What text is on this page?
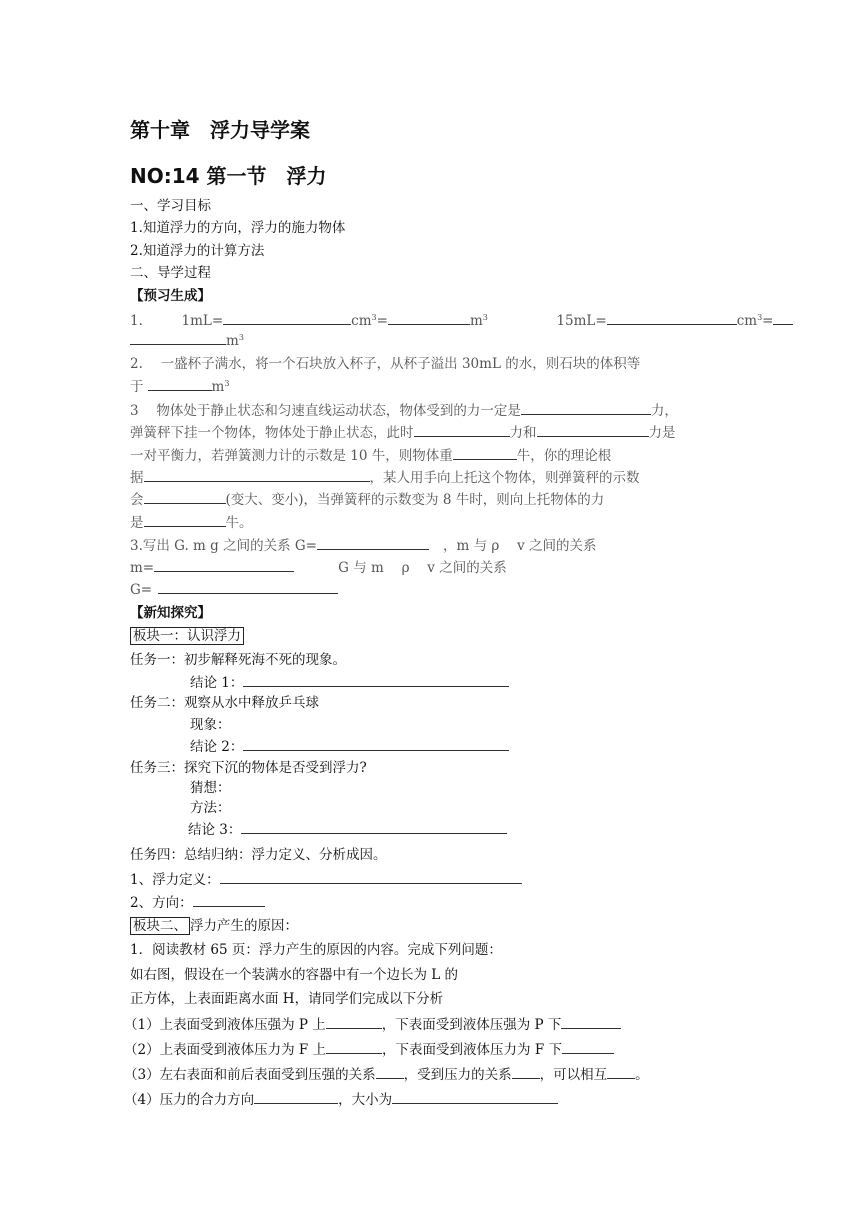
第十章　浮力导学案
NO:14 第一节　浮力
一、学习目标
1.知道浮力的方向，浮力的施力物体
2.知道浮力的计算方法
二、导学过程
【预习生成】
1.	1mL=	$cm^3=$	$m^3$	15mL=	$cm^3=$
$m^3$
2.　 一盛杯子满水，将一个石块放入杯子，从杯子溢出 30mL 的水，则石块的体积等
于	$m^3$
3　 物体处于静止状态和匀速直线运动状态，物体受到的力一定是	力，
弹簧秤下挂一个物体，物体处于静止状态，此时	力和	力是
一对平衡力，若弹簧测力计的示数是 10 牛，则物体重	牛，你的理论根
据	，某人用手向上托这个物体，则弹簧秤的示数
会	(变大、变小)，当弹簧秤的示数变为 8 牛时，则向上托物体的力
是	牛。
3.写出 G. m g 之间的关系 G=	，m 与 ρ　 v 之间的关系
m=	G 与 m　 ρ　 v 之间的关系
G=
【新知探究】
板块一：认识浮力
任务一：初步解释死海不死的现象。
结论 1：
任务二：观察从水中释放乒乓球
现象：
结论 2：
任务三：探究下沉的物体是否受到浮力?
猜想：
方法：
结论 3：
任务四：总结归纳：浮力定义、分析成因。
1、浮力定义：
2、方向：
板块二、 浮力产生的原因：
1．阅读教材 65 页：浮力产生的原因的内容。完成下列问题：
如右图，假设在一个装满水的容器中有一个边长为 L 的
正方体，上表面距离水面 H，请同学们完成以下分析
（1）上表面受到液体压强为 P 上	，下表面受到液体压强为 P 下
（2）上表面受到液体压力为 F 上	，下表面受到液体压力为 F 下
（3）左右表面和前后表面受到压强的关系 ，受到压力的关系 ，可以相互 。
（4）压力的合力方向	，大小为
